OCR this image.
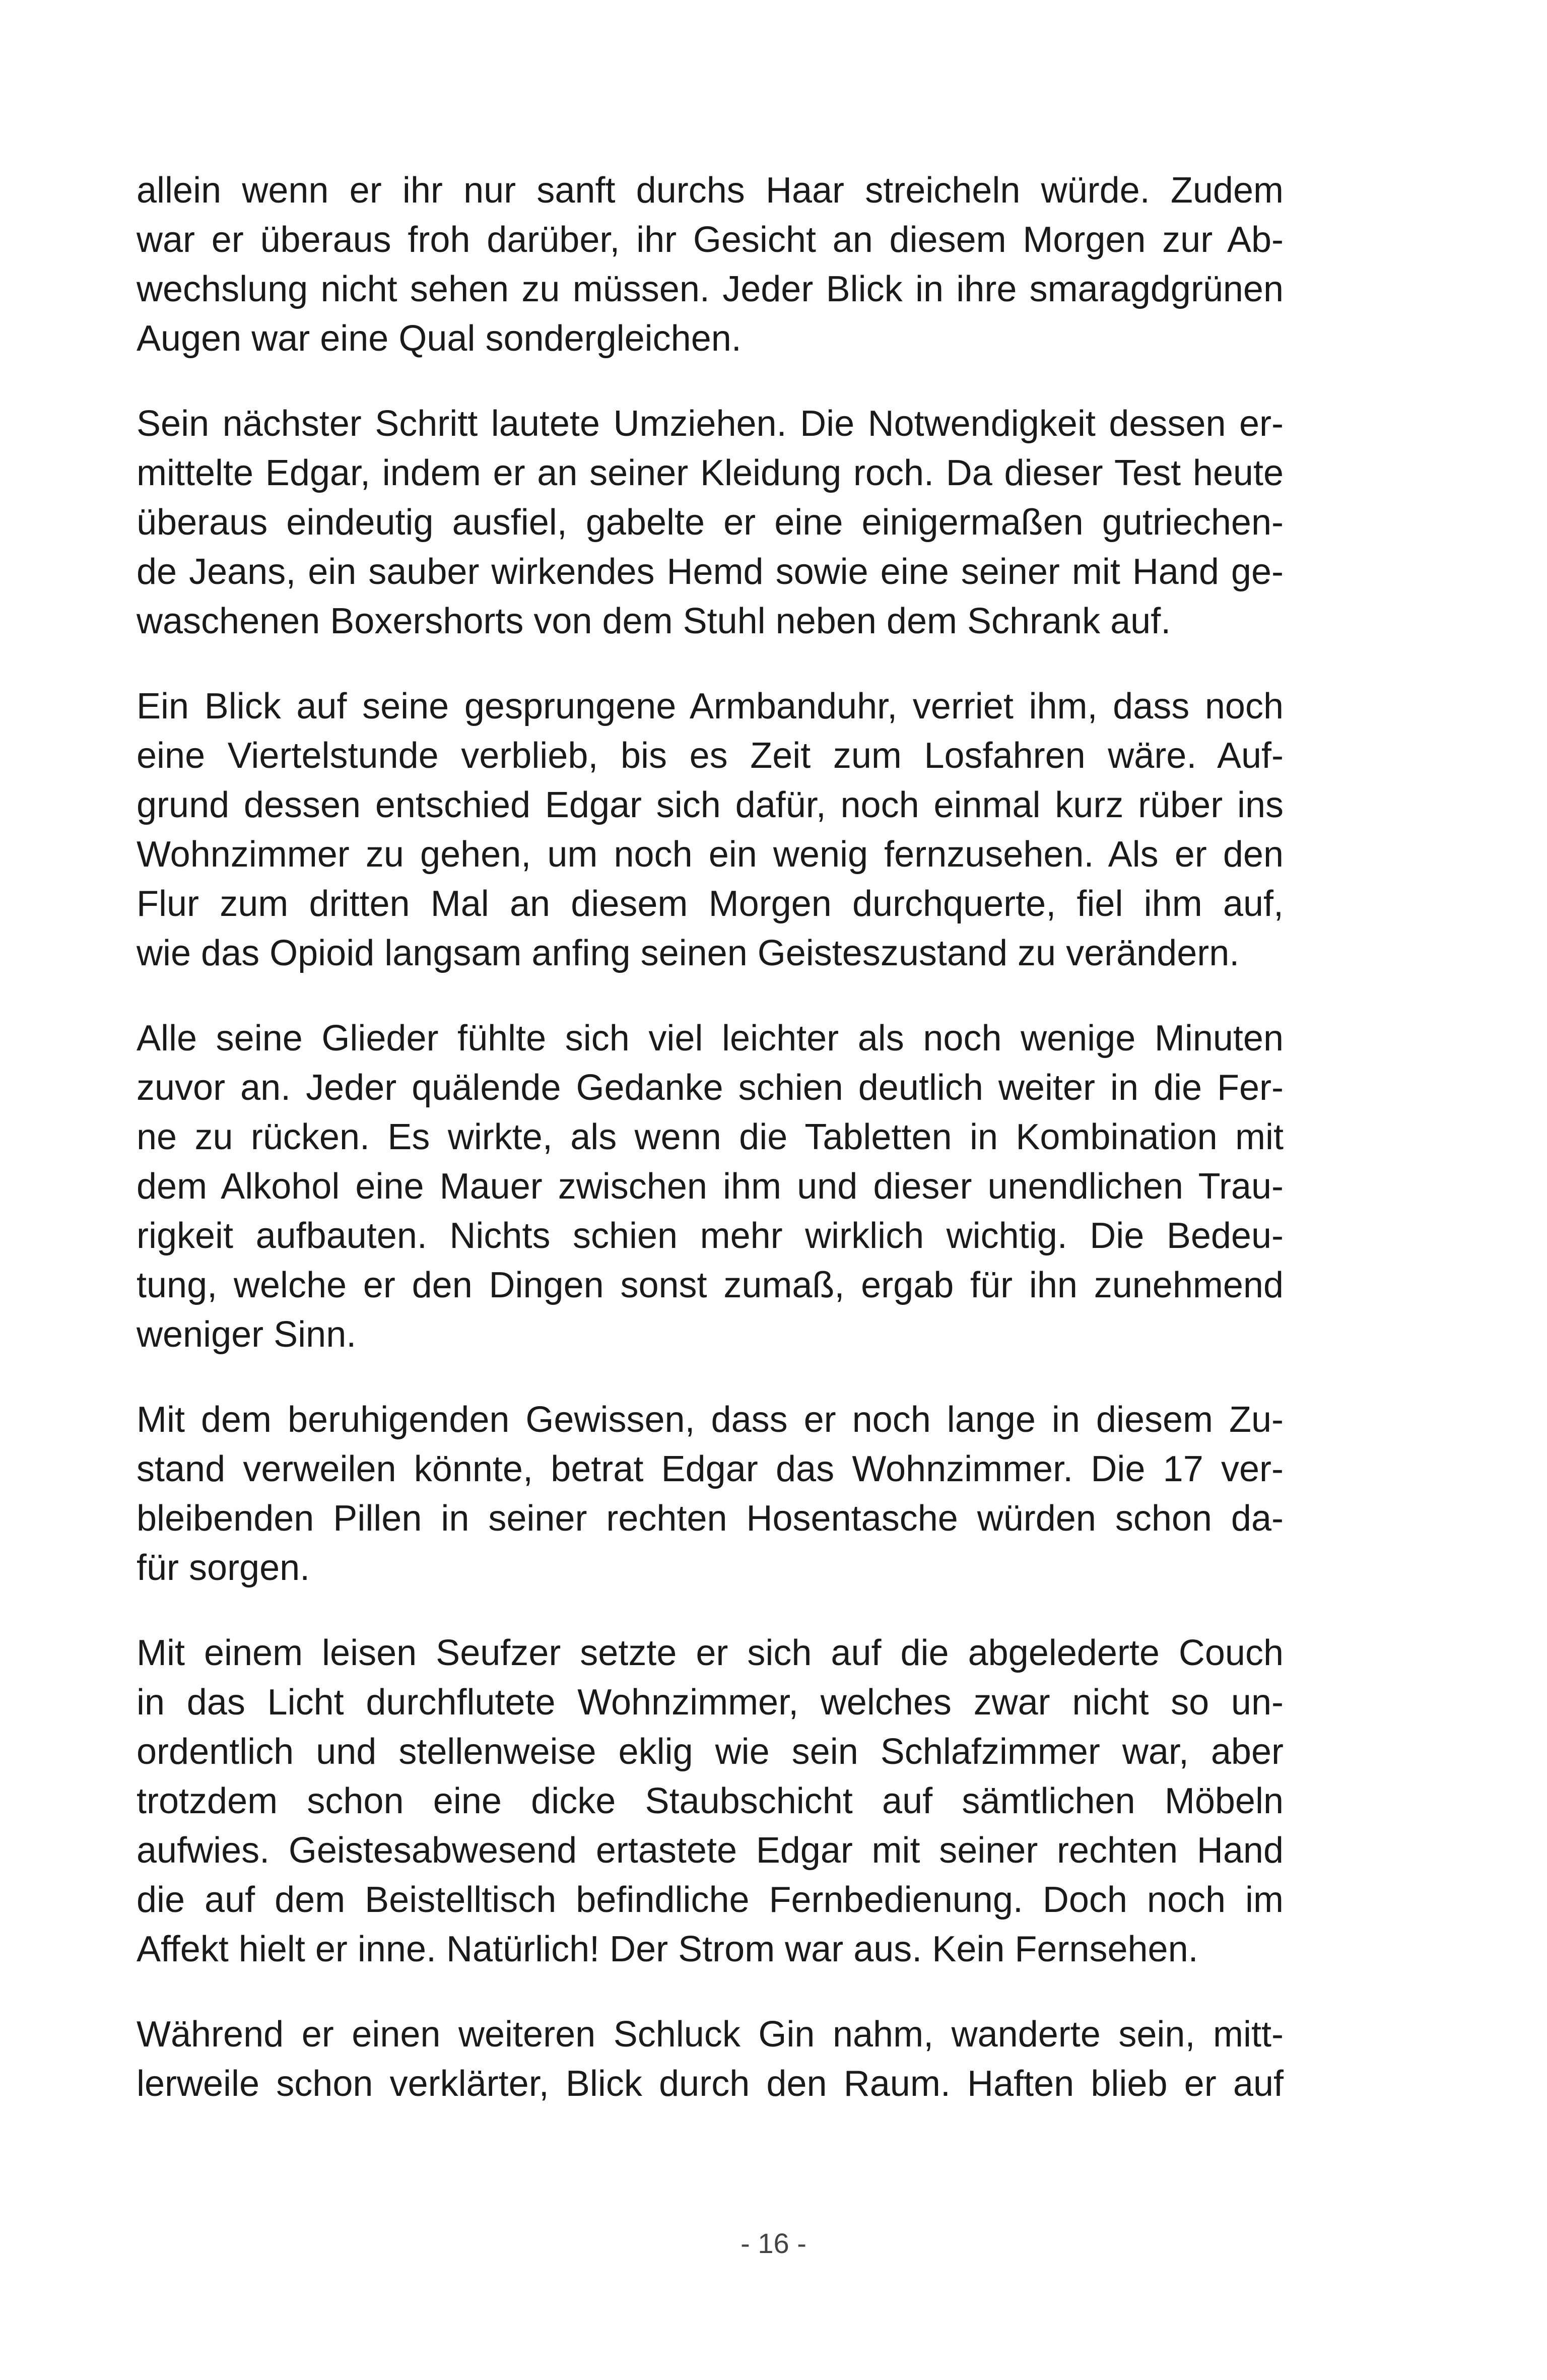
allein wenn er ihr nur sanft durchs Haar streicheln würde. Zudem
war er überaus froh darüber, ihr Gesicht an diesem Morgen zur Ab-
wechslung nicht sehen zu müssen. Jeder Blick in ihre smaragdgrünen
Augen war eine Qual sondergleichen.

Sein nächster Schritt lautete Umziehen. Die Notwendigkeit dessen er-
mittelte Edgar, indem er an seiner Kleidung roch. Da dieser Test heute
überaus eindeutig ausfiel, gabelte er eine einigermaßen gutriechen-
de Jeans, ein sauber wirkendes Hemd sowie eine seiner mit Hand ge-
waschenen Boxershorts von dem Stuhl neben dem Schrank auf.

Ein Blick auf seine gesprungene Armbanduhr, verriet ihm, dass noch
eine Viertelstunde verblieb, bis es Zeit zum Losfahren wäre. Auf-
grund dessen entschied Edgar sich dafür, noch einmal kurz rüber ins
Wohnzimmer zu gehen, um noch ein wenig fernzusehen. Als er den
Flur zum dritten Mal an diesem Morgen durchquerte, fiel ihm auf,
wie das Opioid langsam anfing seinen Geisteszustand zu verändern.

Alle seine Glieder fühlte sich viel leichter als noch wenige Minuten
zuvor an. Jeder quälende Gedanke schien deutlich weiter in die Fer-
ne zu rücken. Es wirkte, als wenn die Tabletten in Kombination mit
dem Alkohol eine Mauer zwischen ihm und dieser unendlichen Trau-
rigkeit aufbauten. Nichts schien mehr wirklich wichtig. Die Bedeu-
tung, welche er den Dingen sonst zumaß, ergab für ihn zunehmend
weniger Sinn.

Mit dem beruhigenden Gewissen, dass er noch lange in diesem Zu-
stand verweilen könnte, betrat Edgar das Wohnzimmer. Die 17 ver-
bleibenden Pillen in seiner rechten Hosentasche würden schon da-
für sorgen.

Mit einem leisen Seufzer setzte er sich auf die abgelederte Couch
in das Licht durchflutete Wohnzimmer, welches zwar nicht so un-
ordentlich und stellenweise eklig wie sein Schlafzimmer war, aber
trotzdem schon eine dicke Staubschicht auf sämtlichen Möbeln
aufwies. Geistesabwesend ertastete Edgar mit seiner rechten Hand
die auf dem Beistelltisch befindliche Fernbedienung. Doch noch im
Affekt hielt er inne. Natürlich! Der Strom war aus. Kein Fernsehen.

Während er einen weiteren Schluck Gin nahm, wanderte sein, mitt-
lerweile schon verklärter, Blick durch den Raum. Haften blieb er auf

- 16 -
